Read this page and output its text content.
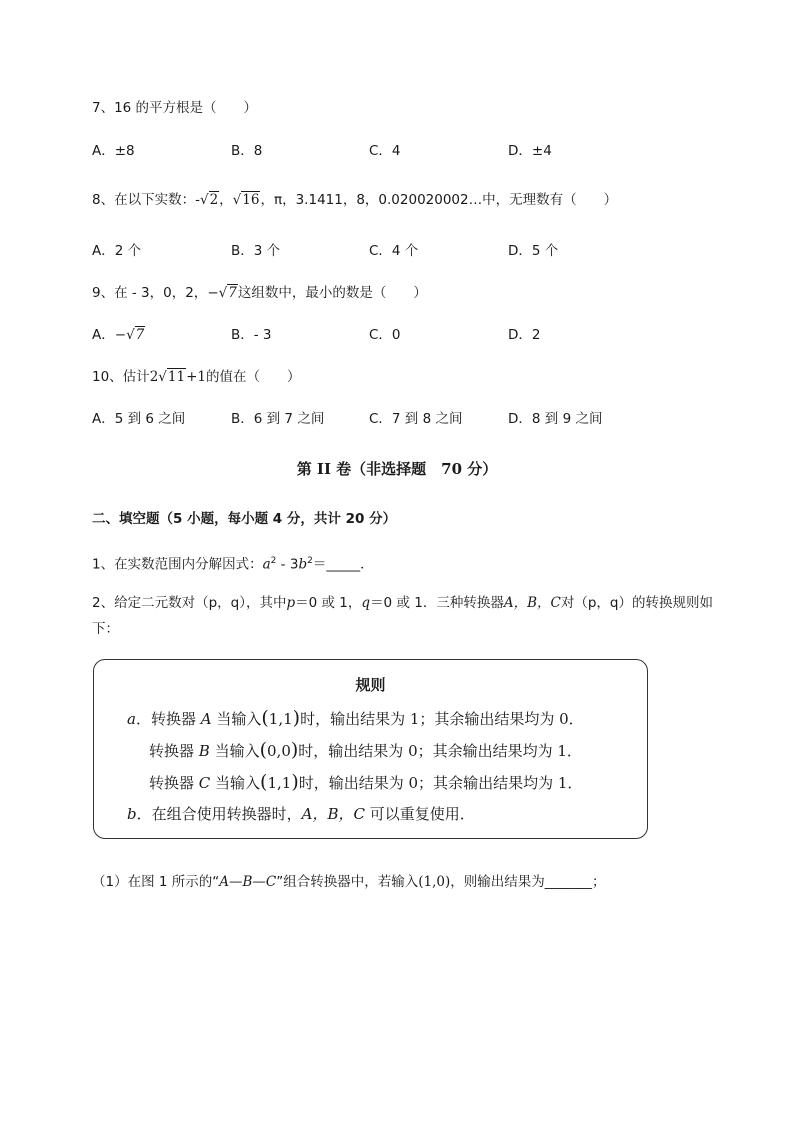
7、16 的平方根是（　　）
A．±8	B．8	C．4	D．±4
8、在以下实数：-√2，√16，π，3.1411，8，0.020020002…中，无理数有（　　）
A．2 个	B．3 个	C．4 个	D．5 个
9、在 - 3，0，2，−√7这组数中，最小的数是（　　）
A．−√7	B．- 3	C．0	D．2
10、估计2√11+1的值在（　　）
A．5 到 6 之间	B．6 到 7 之间	C．7 到 8 之间	D．8 到 9 之间
第 II 卷（非选择题　70 分）
二、填空题（5 小题，每小题 4 分，共计 20 分）
1、在实数范围内分解因式：$a^2$ - $3b^2=\_\_\_\_\_$．
2、给定二元数对（p，q），其中p＝0 或 1，q＝0 或 1．三种转换器A，B，C对（p，q）的转换规则如
下：
规则
a．转换器 A 当输入(1,1)时，输出结果为 1；其余输出结果均为 0．
转换器 B 当输入(0,0)时，输出结果为 0；其余输出结果均为 1．
转换器 C 当输入(1,1)时，输出结果为 0；其余输出结果均为 1．
b．在组合使用转换器时，A，B，C 可以重复使用．
（1）在图 1 所示的“A—B—C”组合转换器中，若输入(1,0)，则输出结果为_______；
